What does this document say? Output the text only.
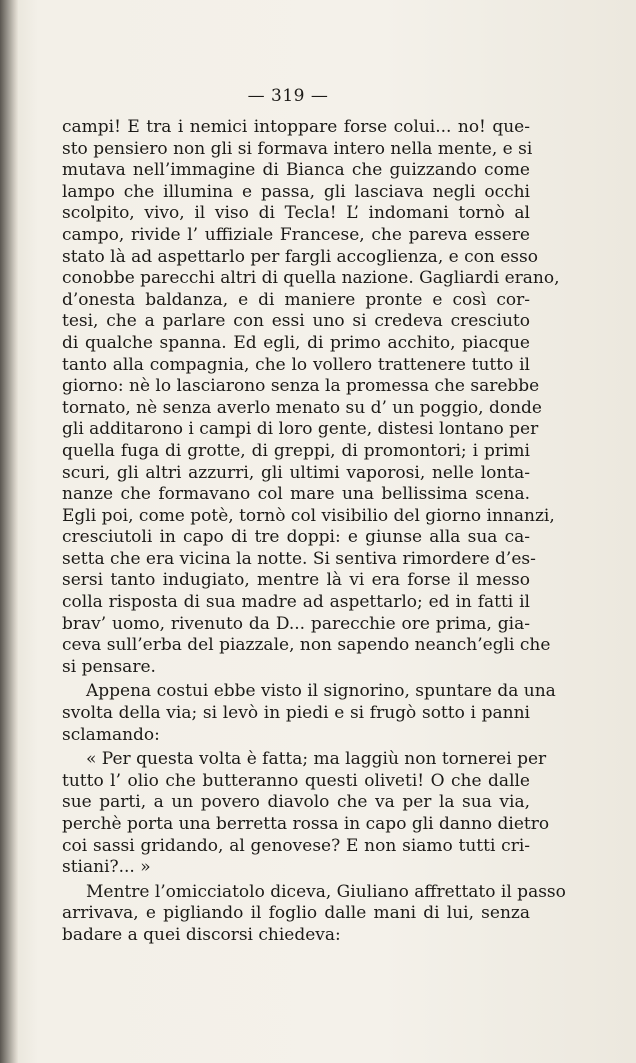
— 319 —
campi! E tra i nemici intoppare forse colui... no! que-
sto pensiero non gli si formava intero nella mente, e si
mutava nell’immagine di Bianca che guizzando come
lampo che illumina e passa, gli lasciava negli occhi
scolpito, vivo, il viso di Tecla! L’ indomani tornò al
campo, rivide l’ uffiziale Francese, che pareva essere
stato là ad aspettarlo per fargli accoglienza, e con esso
conobbe parecchi altri di quella nazione. Gagliardi erano,
d’onesta baldanza, e di maniere pronte e così cor-
tesi, che a parlare con essi uno si credeva cresciuto
di qualche spanna. Ed egli, di primo acchito, piacque
tanto alla compagnia, che lo vollero trattenere tutto il
giorno: nè lo lasciarono senza la promessa che sarebbe
tornato, nè senza averlo menato su d’ un poggio, donde
gli additarono i campi di loro gente, distesi lontano per
quella fuga di grotte, di greppi, di promontori; i primi
scuri, gli altri azzurri, gli ultimi vaporosi, nelle lonta-
nanze che formavano col mare una bellissima scena.
Egli poi, come potè, tornò col visibilio del giorno innanzi,
cresciutoli in capo di tre doppi: e giunse alla sua ca-
setta che era vicina la notte. Si sentiva rimordere d’es-
sersi tanto indugiato, mentre là vi era forse il messo
colla risposta di sua madre ad aspettarlo; ed in fatti il
brav’ uomo, rivenuto da D... parecchie ore prima, gia-
ceva sull’erba del piazzale, non sapendo neanch’egli che
si pensare.
Appena costui ebbe visto il signorino, spuntare da una
svolta della via; si levò in piedi e si frugò sotto i panni
sclamando:
« Per questa volta è fatta; ma laggiù non tornerei per
tutto l’ olio che butteranno questi oliveti! O che dalle
sue parti, a un povero diavolo che va per la sua via,
perchè porta una berretta rossa in capo gli danno dietro
coi sassi gridando, al genovese? E non siamo tutti cri-
stiani?... »
Mentre l’omicciatolo diceva, Giuliano affrettato il passo
arrivava, e pigliando il foglio dalle mani di lui, senza
badare a quei discorsi chiedeva:
